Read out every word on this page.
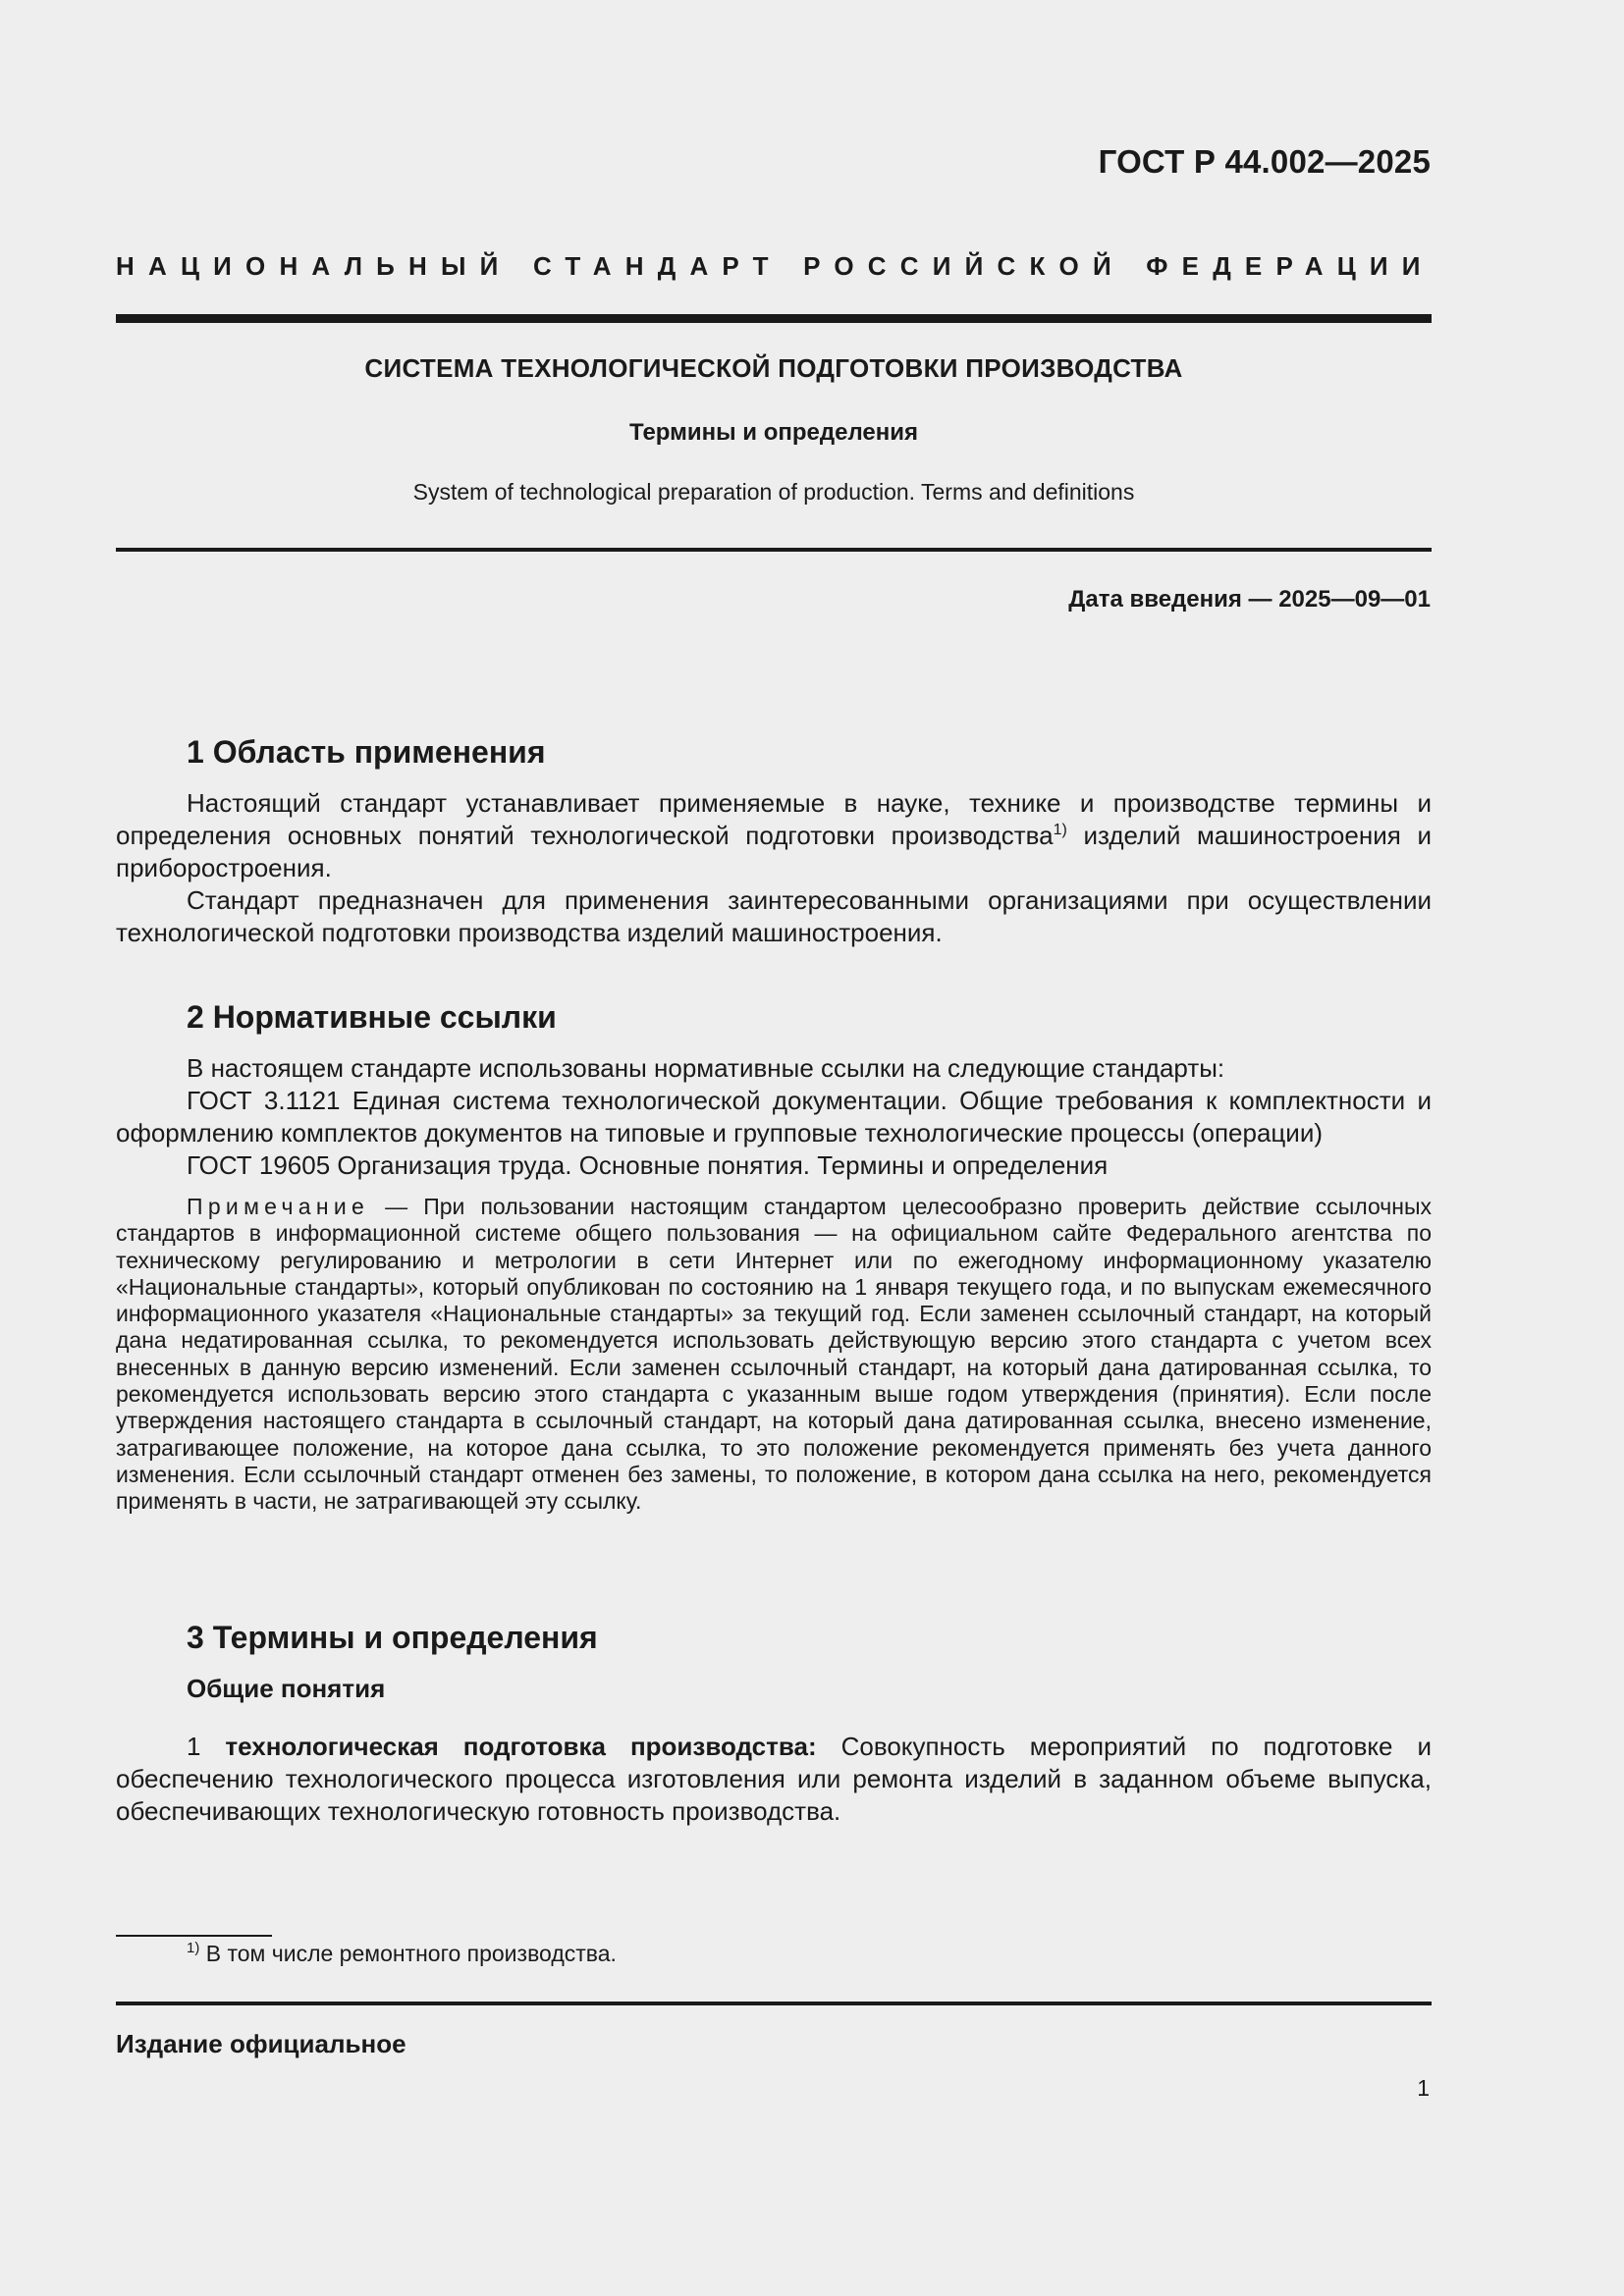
ГОСТ Р 44.002—2025
НАЦИОНАЛЬНЫЙ СТАНДАРТ РОССИЙСКОЙ ФЕДЕРАЦИИ
СИСТЕМА ТЕХНОЛОГИЧЕСКОЙ ПОДГОТОВКИ ПРОИЗВОДСТВА
Термины и определения
System of technological preparation of production. Terms and definitions
Дата введения — 2025—09—01
1 Область применения

Настоящий стандарт устанавливает применяемые в науке, технике и производстве термины и определения основных понятий технологической подготовки производства$^{1)}$ изделий машиностроения и приборостроения.

Стандарт предназначен для применения заинтересованными организациями при осуществлении технологической подготовки производства изделий машиностроения.

2 Нормативные ссылки

В настоящем стандарте использованы нормативные ссылки на следующие стандарты:

ГОСТ 3.1121 Единая система технологической документации. Общие требования к комплектности и оформлению комплектов документов на типовые и групповые технологические процессы (операции)

ГОСТ 19605 Организация труда. Основные понятия. Термины и определения

Примечание — При пользовании настоящим стандартом целесообразно проверить действие ссылочных стандартов в информационной системе общего пользования — на официальном сайте Федерального агентства по техническому регулированию и метрологии в сети Интернет или по ежегодному информационному указателю «Национальные стандарты», который опубликован по состоянию на 1 января текущего года, и по выпускам ежемесячного информационного указателя «Национальные стандарты» за текущий год. Если заменен ссылочный стандарт, на который дана недатированная ссылка, то рекомендуется использовать действующую версию этого стандарта с учетом всех внесенных в данную версию изменений. Если заменен ссылочный стандарт, на который дана датированная ссылка, то рекомендуется использовать версию этого стандарта с указанным выше годом утверждения (принятия). Если после утверждения настоящего стандарта в ссылочный стандарт, на который дана датированная ссылка, внесено изменение, затрагивающее положение, на которое дана ссылка, то это положение рекомендуется применять без учета данного изменения. Если ссылочный стандарт отменен без замены, то положение, в котором дана ссылка на него, рекомендуется применять в части, не затрагивающей эту ссылку.

3 Термины и определения
Общие понятия

1 технологическая подготовка производства: Совокупность мероприятий по подготовке и обеспечению технологического процесса изготовления или ремонта изделий в заданном объеме выпуска, обеспечивающих технологическую готовность производства.

$^{1)}$ В том числе ремонтного производства.
Издание официальное
1
